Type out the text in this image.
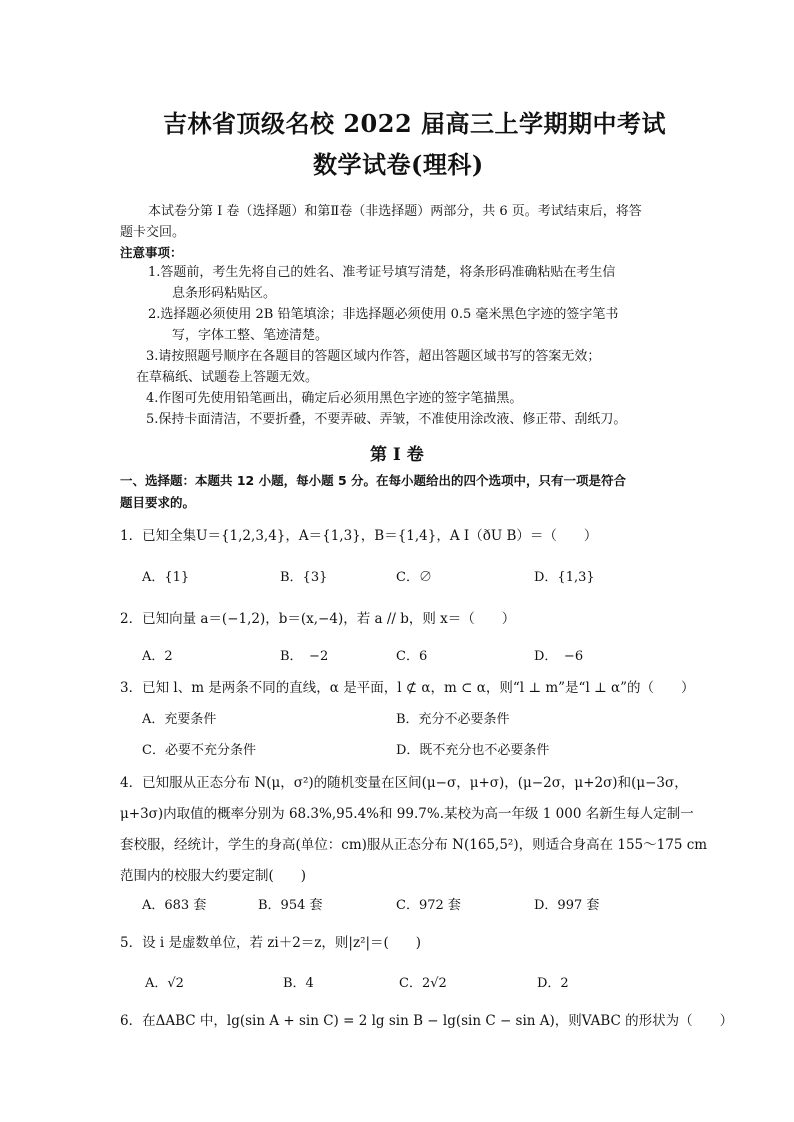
吉林省顶级名校 2022 届高三上学期期中考试
数学试卷(理科)
本试卷分第 I 卷（选择题）和第Ⅱ卷（非选择题）两部分，共 6 页。考试结束后，将答
题卡交回。
注意事项：
1.答题前，考生先将自己的姓名、准考证号填写清楚，将条形码准确粘贴在考生信
息条形码粘贴区。
2.选择题必须使用 2B 铅笔填涂；非选择题必须使用 0.5 毫米黑色字迹的签字笔书
写，字体工整、笔迹清楚。
3.请按照题号顺序在各题目的答题区域内作答，超出答题区域书写的答案无效；
在草稿纸、试题卷上答题无效。
4.作图可先使用铅笔画出，确定后必须用黑色字迹的签字笔描黑。
5.保持卡面清洁，不要折叠，不要弄破、弄皱，不准使用涂改液、修正带、刮纸刀。
第 I 卷
一、选择题：本题共 12 小题，每小题 5 分。在每小题给出的四个选项中，只有一项是符合
题目要求的。
1．已知全集U＝{1,2,3,4}，A＝{1,3}，B＝{1,4}，A I（ðU B）＝（　　）
A．{1}	B．{3}	C．∅	D．{1,3}
2．已知向量 a＝(−1,2)，b＝(x,−4)，若 a // b，则 x＝（　　）
A．2	B．　−2	C．6	D．　−6
3．已知 l、m 是两条不同的直线，α 是平面，l ⊄ α，m ⊂ α，则“l ⊥ m”是“l ⊥ α”的（　　）
A．充要条件	B．充分不必要条件
C．必要不充分条件	D．既不充分也不必要条件
4．已知服从正态分布 N(μ，σ²)的随机变量在区间(μ−σ，μ+σ)，(μ−2σ，μ+2σ)和(μ−3σ，
μ+3σ)内取值的概率分别为 68.3%,95.4%和 99.7%.某校为高一年级 1 000 名新生每人定制一
套校服，经统计，学生的身高(单位：cm)服从正态分布 N(165,5²)，则适合身高在 155～175 cm
范围内的校服大约要定制(　　)
A．683 套	B．954 套	C．972 套	D．997 套
5．设 i 是虚数单位，若 zi＋2＝z，则|z²|＝(　　)
A．√2	B．4	C．2√2	D．2
6．在ΔABC 中，lg(sin A + sin C) = 2 lg sin B − lg(sin C − sin A)，则VABC 的形状为（　　）
